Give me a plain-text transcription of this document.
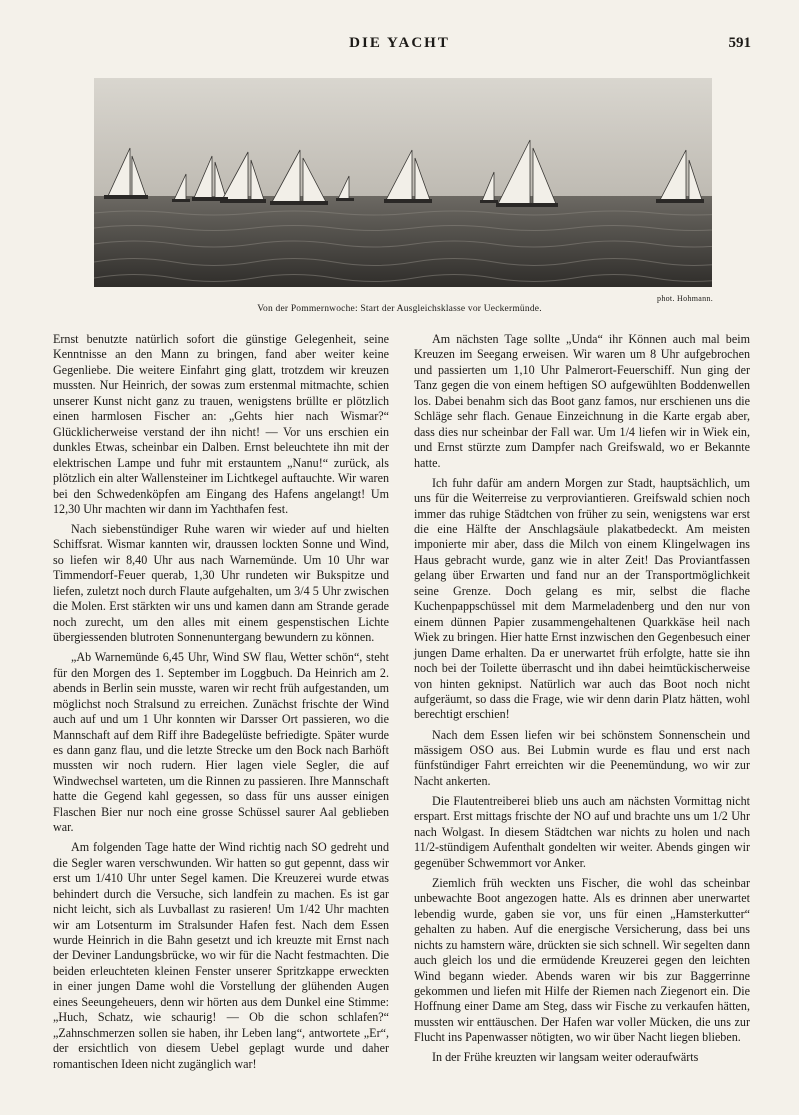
DIE YACHT	591
phot. Hohmann.
Von der Pommernwoche: Start der Ausgleichsklasse vor Ueckermünde.

Ernst benutzte natürlich sofort die günstige Gelegenheit, seine Kenntnisse an den Mann zu bringen, fand aber weiter keine Gegenliebe. Die weitere Einfahrt ging glatt, trotzdem wir kreuzen mussten. Nur Heinrich, der sowas zum erstenmal mitmachte, schien unserer Kunst nicht ganz zu trauen, wenigstens brüllte er plötzlich einen harmlosen Fischer an: „Gehts hier nach Wismar?“ Glücklicherweise verstand der ihn nicht! — Vor uns erschien ein dunkles Etwas, scheinbar ein Dalben. Ernst beleuchtete ihn mit der elektrischen Lampe und fuhr mit erstauntem „Nanu!“ zurück, als plötzlich ein alter Wallensteiner im Lichtkegel auftauchte. Wir waren bei den Schwedenköpfen am Eingang des Hafens angelangt! Um 12,30 Uhr machten wir dann im Yachthafen fest.

Nach siebenstündiger Ruhe waren wir wieder auf und hielten Schiffsrat. Wismar kannten wir, draussen lockten Sonne und Wind, so liefen wir 8,40 Uhr aus nach Warnemünde. Um 10 Uhr war Timmendorf-Feuer querab, 1,30 Uhr rundeten wir Bukspitze und liefen, zuletzt noch durch Flaute aufgehalten, um 3/4 5 Uhr zwischen die Molen. Erst stärkten wir uns und kamen dann am Strande gerade noch zurecht, um den alles mit einem gespenstischen Lichte übergiessenden blutroten Sonnenuntergang bewundern zu können.

„Ab Warnemünde 6,45 Uhr, Wind SW flau, Wetter schön“, steht für den Morgen des 1. September im Loggbuch. Da Heinrich am 2. abends in Berlin sein musste, waren wir recht früh aufgestanden, um möglichst noch Stralsund zu erreichen. Zunächst frischte der Wind auch auf und um 1 Uhr konnten wir Darsser Ort passieren, wo die Mannschaft auf dem Riff ihre Badegelüste befriedigte. Später wurde es dann ganz flau, und die letzte Strecke um den Bock nach Barhöft mussten wir noch rudern. Hier lagen viele Segler, die auf Windwechsel warteten, um die Rinnen zu passieren. Ihre Mannschaft hatte die Gegend kahl gegessen, so dass für uns ausser einigen Flaschen Bier nur noch eine grosse Schüssel saurer Aal geblieben war.

Am folgenden Tage hatte der Wind richtig nach SO gedreht und die Segler waren verschwunden. Wir hatten so gut gepennt, dass wir erst um 1/410 Uhr unter Segel kamen. Die Kreuzerei wurde etwas behindert durch die Versuche, sich landfein zu machen. Es ist gar nicht leicht, sich als Luvballast zu rasieren! Um 1/42 Uhr machten wir am Lotsenturm im Stralsunder Hafen fest. Nach dem Essen wurde Heinrich in die Bahn gesetzt und ich kreuzte mit Ernst nach der Deviner Landungsbrücke, wo wir für die Nacht festmachten. Die beiden erleuchteten kleinen Fenster unserer Spritzkappe erweckten in einer jungen Dame wohl die Vorstellung der glühenden Augen eines Seeungeheuers, denn wir hörten aus dem Dunkel eine Stimme: „Huch, Schatz, wie schaurig! — Ob die schon schlafen?“ „Zahnschmerzen sollen sie haben, ihr Leben lang“, antwortete „Er“, der ersichtlich von diesem Uebel geplagt wurde und daher romantischen Ideen nicht zugänglich war!

Am nächsten Tage sollte „Unda“ ihr Können auch mal beim Kreuzen im Seegang erweisen. Wir waren um 8 Uhr aufgebrochen und passierten um 1,10 Uhr Palmerort-Feuerschiff. Nun ging der Tanz gegen die von einem heftigen SO aufgewühlten Boddenwellen los. Dabei benahm sich das Boot ganz famos, nur erschienen uns die Schläge sehr flach. Genaue Einzeichnung in die Karte ergab aber, dass dies nur scheinbar der Fall war. Um 1/4 liefen wir in Wiek ein, und Ernst stürzte zum Dampfer nach Greifswald, wo er Bekannte hatte.

Ich fuhr dafür am andern Morgen zur Stadt, hauptsächlich, um uns für die Weiterreise zu verproviantieren. Greifswald schien noch immer das ruhige Städtchen von früher zu sein, wenigstens war erst die eine Hälfte der Anschlagsäule plakatbedeckt. Am meisten imponierte mir aber, dass die Milch von einem Klingelwagen ins Haus gebracht wurde, ganz wie in alter Zeit! Das Proviantfassen gelang über Erwarten und fand nur an der Transportmöglichkeit seine Grenze. Doch gelang es mir, selbst die flache Kuchenpappschüssel mit dem Marmeladenberg und den nur von einem dünnen Papier zusammengehaltenen Quarkkäse heil nach Wiek zu bringen. Hier hatte Ernst inzwischen den Gegenbesuch einer jungen Dame erhalten. Da er unerwartet früh erfolgte, hatte sie ihn noch bei der Toilette überrascht und ihn dabei heimtückischerweise von hinten geknipst. Natürlich war auch das Boot noch nicht aufgeräumt, so dass die Frage, wie wir denn darin Platz hätten, wohl berechtigt erschien!

Nach dem Essen liefen wir bei schönstem Sonnenschein und mässigem OSO aus. Bei Lubmin wurde es flau und erst nach fünfstündiger Fahrt erreichten wir die Peenemündung, wo wir zur Nacht ankerten.

Die Flautentreiberei blieb uns auch am nächsten Vormittag nicht erspart. Erst mittags frischte der NO auf und brachte uns um 1/2 Uhr nach Wolgast. In diesem Städtchen war nichts zu holen und nach 11/2-stündigem Aufenthalt gondelten wir weiter. Abends gingen wir gegenüber Schwemmort vor Anker.

Ziemlich früh weckten uns Fischer, die wohl das scheinbar unbewachte Boot angezogen hatte. Als es drinnen aber unerwartet lebendig wurde, gaben sie vor, uns für einen „Hamsterkutter“ gehalten zu haben. Auf die energische Versicherung, dass bei uns nichts zu hamstern wäre, drückten sie sich schnell. Wir segelten dann auch gleich los und die ermüdende Kreuzerei gegen den leichten Wind begann wieder. Abends waren wir bis zur Baggerrinne gekommen und liefen mit Hilfe der Riemen nach Ziegenort ein. Die Hoffnung einer Dame am Steg, dass wir Fische zu verkaufen hätten, mussten wir enttäuschen. Der Hafen war voller Mücken, die uns zur Flucht ins Papenwasser nötigten, wo wir über Nacht liegen blieben.

In der Frühe kreuzten wir langsam weiter oderaufwärts
